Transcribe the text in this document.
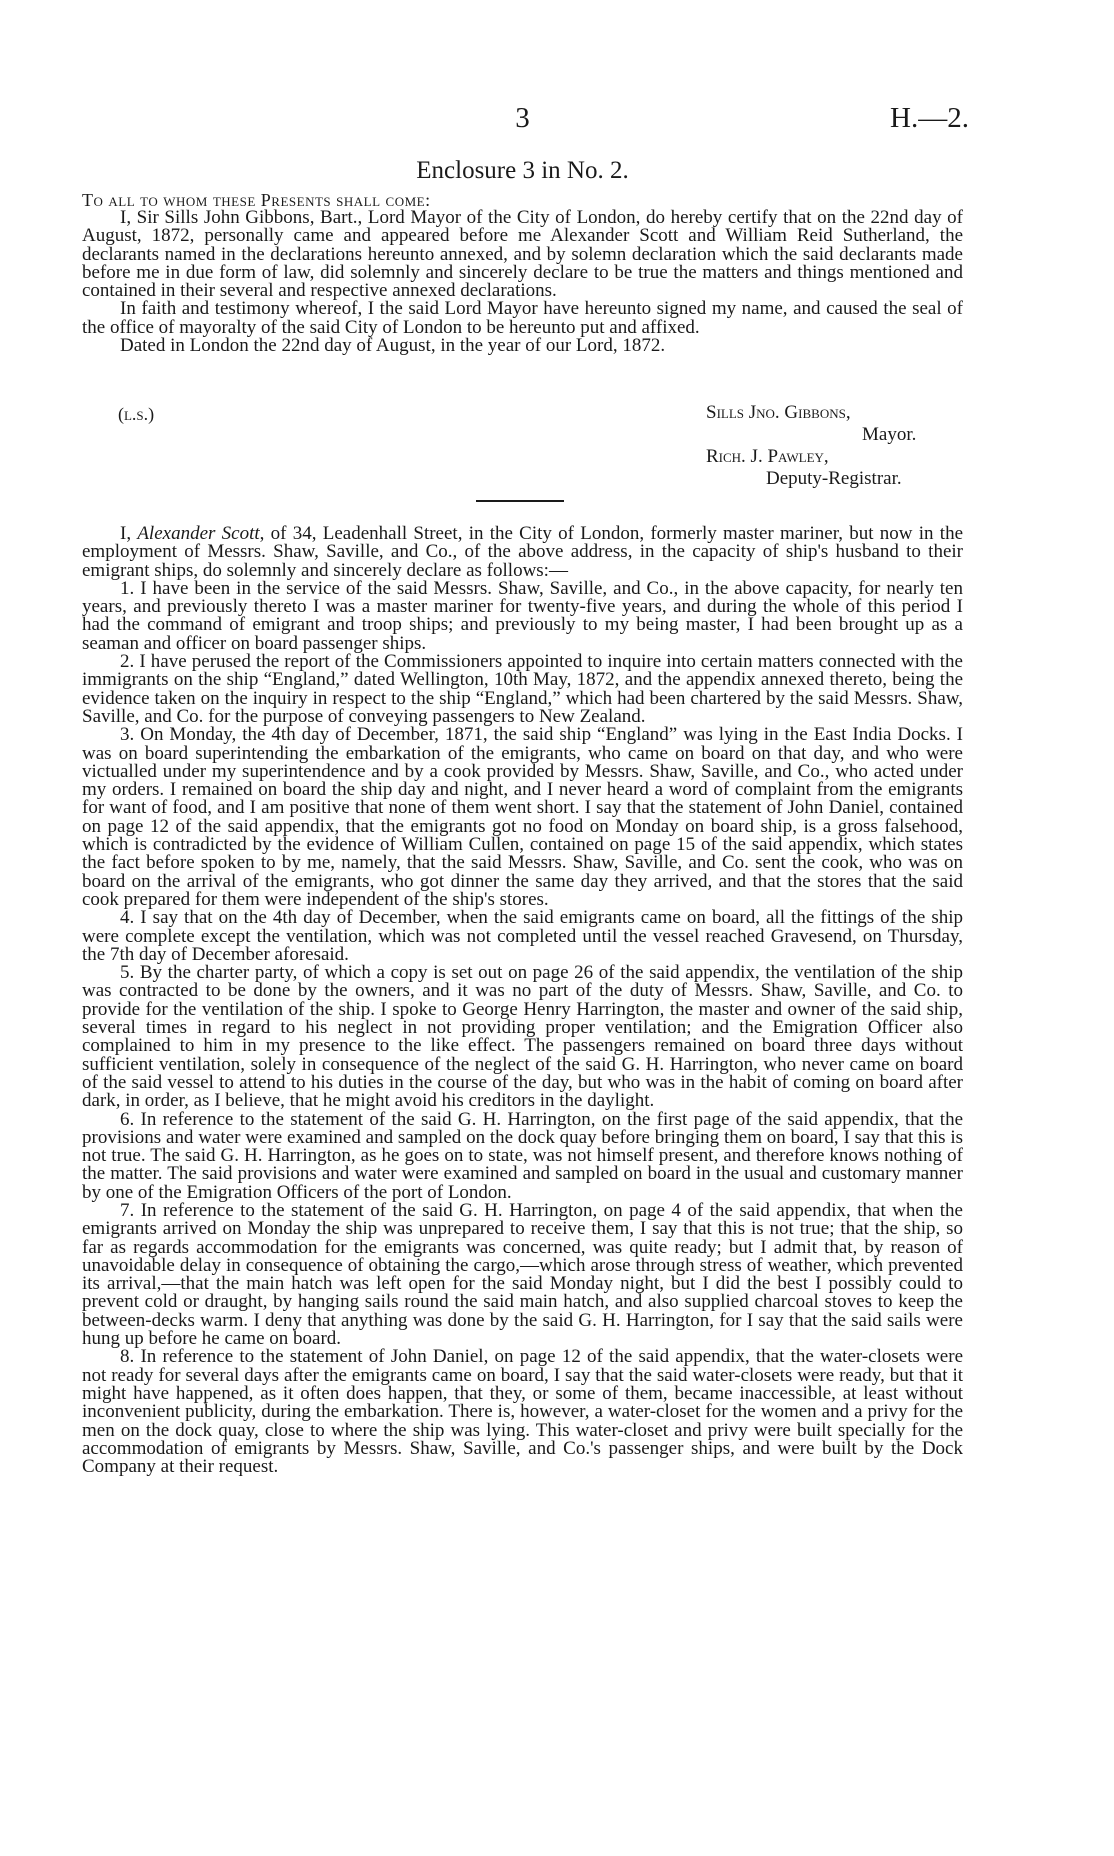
3	H.—2.
Enclosure 3 in No. 2.
To all to whom these Presents shall come:

I, Sir Sills John Gibbons, Bart., Lord Mayor of the City of London, do hereby certify that on the 22nd day of August, 1872, personally came and appeared before me Alexander Scott and William Reid Sutherland, the declarants named in the declarations hereunto annexed, and by solemn declaration which the said declarants made before me in due form of law, did solemnly and sincerely declare to be true the matters and things mentioned and contained in their several and respective annexed declarations.

In faith and testimony whereof, I the said Lord Mayor have hereunto signed my name, and caused the seal of the office of mayoralty of the said City of London to be hereunto put and affixed.

Dated in London the 22nd day of August, in the year of our Lord, 1872.

(l.s.)	Sills Jno. Gibbons,
Mayor.
Rich. J. Pawley,
Deputy-Registrar.

I, Alexander Scott, of 34, Leadenhall Street, in the City of London, formerly master mariner, but now in the employment of Messrs. Shaw, Saville, and Co., of the above address, in the capacity of ship's husband to their emigrant ships, do solemnly and sincerely declare as follows:—

1. I have been in the service of the said Messrs. Shaw, Saville, and Co., in the above capacity, for nearly ten years, and previously thereto I was a master mariner for twenty-five years, and during the whole of this period I had the command of emigrant and troop ships; and previously to my being master, I had been brought up as a seaman and officer on board passenger ships.

2. I have perused the report of the Commissioners appointed to inquire into certain matters connected with the immigrants on the ship “England,” dated Wellington, 10th May, 1872, and the appendix annexed thereto, being the evidence taken on the inquiry in respect to the ship “England,” which had been chartered by the said Messrs. Shaw, Saville, and Co. for the purpose of conveying passengers to New Zealand.

3. On Monday, the 4th day of December, 1871, the said ship “England” was lying in the East India Docks. I was on board superintending the embarkation of the emigrants, who came on board on that day, and who were victualled under my superintendence and by a cook provided by Messrs. Shaw, Saville, and Co., who acted under my orders. I remained on board the ship day and night, and I never heard a word of complaint from the emigrants for want of food, and I am positive that none of them went short. I say that the statement of John Daniel, contained on page 12 of the said appendix, that the emigrants got no food on Monday on board ship, is a gross falsehood, which is contradicted by the evidence of William Cullen, contained on page 15 of the said appendix, which states the fact before spoken to by me, namely, that the said Messrs. Shaw, Saville, and Co. sent the cook, who was on board on the arrival of the emigrants, who got dinner the same day they arrived, and that the stores that the said cook prepared for them were independent of the ship's stores.

4. I say that on the 4th day of December, when the said emigrants came on board, all the fittings of the ship were complete except the ventilation, which was not completed until the vessel reached Gravesend, on Thursday, the 7th day of December aforesaid.

5. By the charter party, of which a copy is set out on page 26 of the said appendix, the ventilation of the ship was contracted to be done by the owners, and it was no part of the duty of Messrs. Shaw, Saville, and Co. to provide for the ventilation of the ship. I spoke to George Henry Harrington, the master and owner of the said ship, several times in regard to his neglect in not providing proper ventilation; and the Emigration Officer also complained to him in my presence to the like effect. The passengers remained on board three days without sufficient ventilation, solely in consequence of the neglect of the said G. H. Harrington, who never came on board of the said vessel to attend to his duties in the course of the day, but who was in the habit of coming on board after dark, in order, as I believe, that he might avoid his creditors in the daylight.

6. In reference to the statement of the said G. H. Harrington, on the first page of the said appendix, that the provisions and water were examined and sampled on the dock quay before bringing them on board, I say that this is not true. The said G. H. Harrington, as he goes on to state, was not himself present, and therefore knows nothing of the matter. The said provisions and water were examined and sampled on board in the usual and customary manner by one of the Emigration Officers of the port of London.

7. In reference to the statement of the said G. H. Harrington, on page 4 of the said appendix, that when the emigrants arrived on Monday the ship was unprepared to receive them, I say that this is not true; that the ship, so far as regards accommodation for the emigrants was concerned, was quite ready; but I admit that, by reason of unavoidable delay in consequence of obtaining the cargo,—which arose through stress of weather, which prevented its arrival,—that the main hatch was left open for the said Monday night, but I did the best I possibly could to prevent cold or draught, by hanging sails round the said main hatch, and also supplied charcoal stoves to keep the between-decks warm. I deny that anything was done by the said G. H. Harrington, for I say that the said sails were hung up before he came on board.

8. In reference to the statement of John Daniel, on page 12 of the said appendix, that the water-closets were not ready for several days after the emigrants came on board, I say that the said water-closets were ready, but that it might have happened, as it often does happen, that they, or some of them, became inaccessible, at least without inconvenient publicity, during the embarkation. There is, however, a water-closet for the women and a privy for the men on the dock quay, close to where the ship was lying. This water-closet and privy were built specially for the accommodation of emigrants by Messrs. Shaw, Saville, and Co.'s passenger ships, and were built by the Dock Company at their request.
